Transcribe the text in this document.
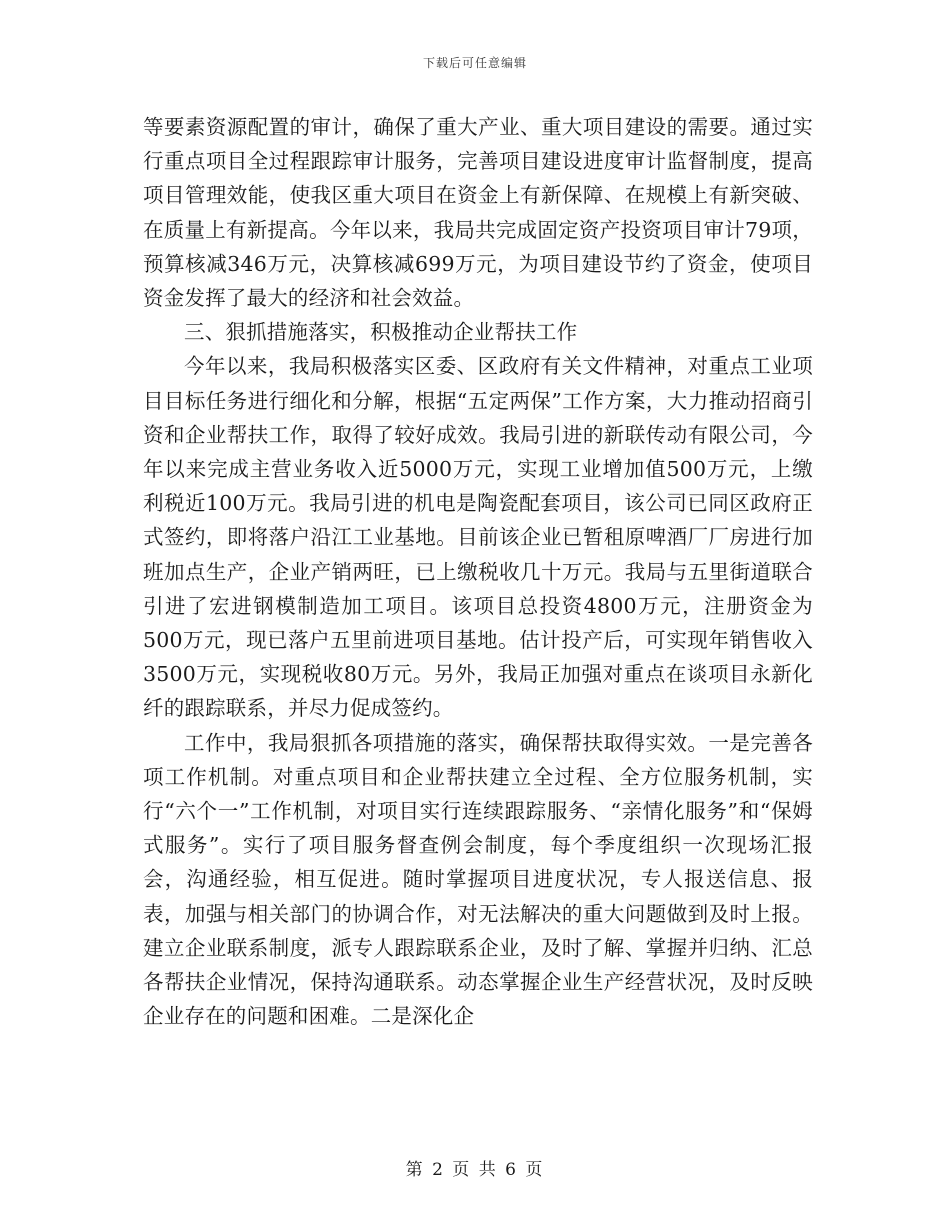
下载后可任意编辑

等要素资源配置的审计，确保了重大产业、重大项目建设的需要。通过实行重点项目全过程跟踪审计服务，完善项目建设进度审计监督制度，提高项目管理效能，使我区重大项目在资金上有新保障、在规模上有新突破、在质量上有新提高。今年以来，我局共完成固定资产投资项目审计79项，预算核减346万元，决算核减699万元，为项目建设节约了资金，使项目资金发挥了最大的经济和社会效益。

三、狠抓措施落实，积极推动企业帮扶工作

今年以来，我局积极落实区委、区政府有关文件精神，对重点工业项目目标任务进行细化和分解，根据“五定两保”工作方案，大力推动招商引资和企业帮扶工作，取得了较好成效。我局引进的新联传动有限公司，今年以来完成主营业务收入近5000万元，实现工业增加值500万元，上缴利税近100万元。我局引进的机电是陶瓷配套项目，该公司已同区政府正式签约，即将落户沿江工业基地。目前该企业已暂租原啤酒厂厂房进行加班加点生产，企业产销两旺，已上缴税收几十万元。我局与五里街道联合引进了宏进钢模制造加工项目。该项目总投资4800万元，注册资金为500万元，现已落户五里前进项目基地。估计投产后，可实现年销售收入3500万元，实现税收80万元。另外，我局正加强对重点在谈项目永新化纤的跟踪联系，并尽力促成签约。

工作中，我局狠抓各项措施的落实，确保帮扶取得实效。一是完善各项工作机制。对重点项目和企业帮扶建立全过程、全方位服务机制，实行“六个一”工作机制，对项目实行连续跟踪服务、“亲情化服务”和“保姆式服务”。实行了项目服务督查例会制度，每个季度组织一次现场汇报会，沟通经验，相互促进。随时掌握项目进度状况，专人报送信息、报表，加强与相关部门的协调合作，对无法解决的重大问题做到及时上报。建立企业联系制度，派专人跟踪联系企业，及时了解、掌握并归纳、汇总各帮扶企业情况，保持沟通联系。动态掌握企业生产经营状况，及时反映企业存在的问题和困难。二是深化企

第 2 页 共 6 页
